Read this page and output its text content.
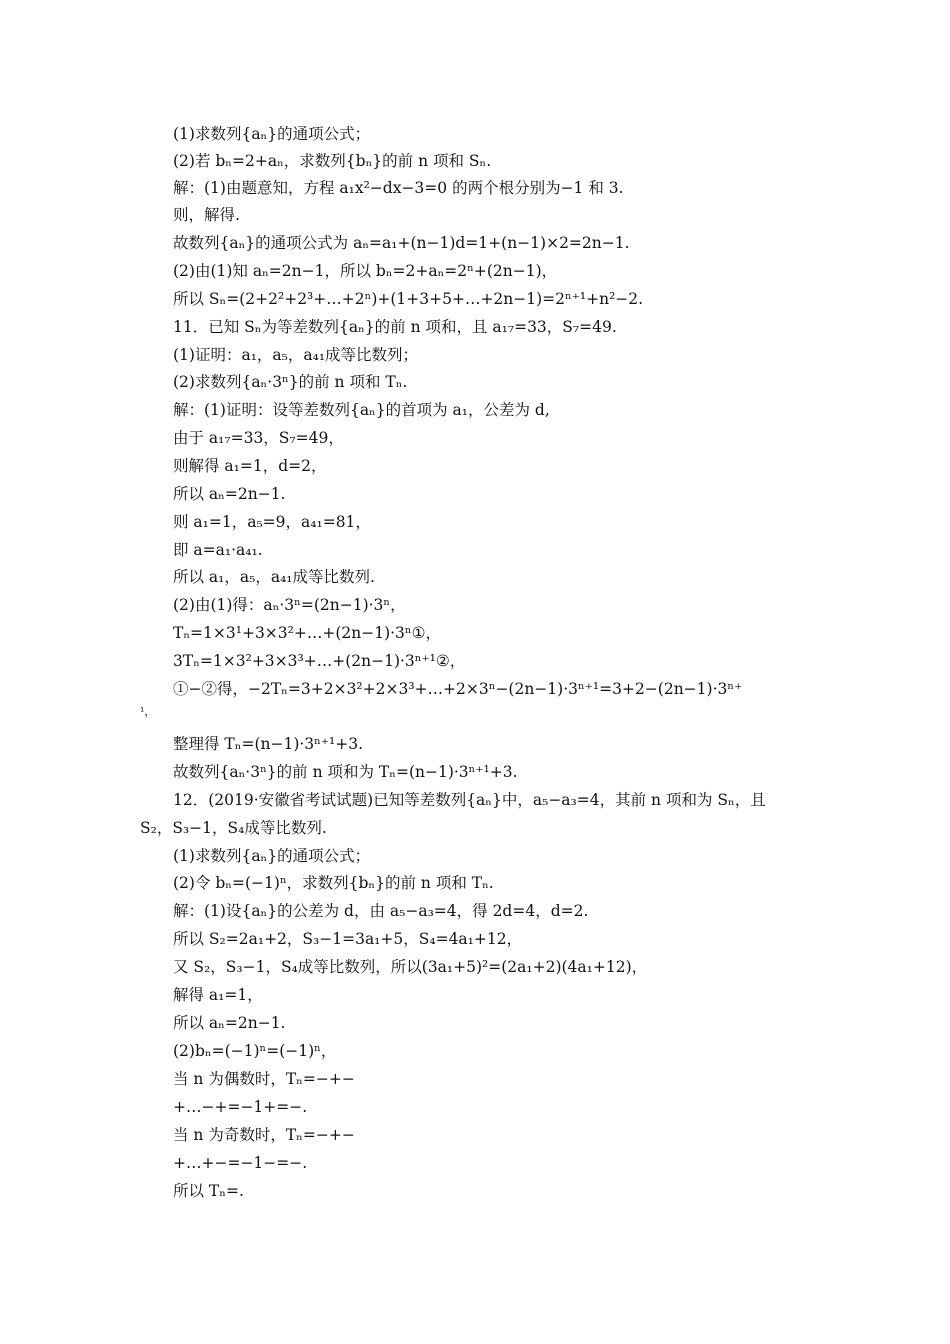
(1)求数列{aₙ}的通项公式；
(2)若 bₙ=2+aₙ，求数列{bₙ}的前 n 项和 Sₙ.
解：(1)由题意知，方程 a₁x²−dx−3=0 的两个根分别为−1 和 3.
则，解得.
故数列{aₙ}的通项公式为 aₙ=a₁+(n−1)d=1+(n−1)×2=2n−1.
(2)由(1)知 aₙ=2n−1，所以 bₙ=2+aₙ=2ⁿ+(2n−1)，
所以 Sₙ=(2+2²+2³+…+2ⁿ)+(1+3+5+…+2n−1)=2ⁿ⁺¹+n²−2.
11．已知 Sₙ为等差数列{aₙ}的前 n 项和，且 a₁₇=33，S₇=49.
(1)证明：a₁，a₅，a₄₁成等比数列；
(2)求数列{aₙ·3ⁿ}的前 n 项和 Tₙ.
解：(1)证明：设等差数列{aₙ}的首项为 a₁，公差为 d,
由于 a₁₇=33，S₇=49，
则解得 a₁=1，d=2，
所以 aₙ=2n−1.
则 a₁=1，a₅=9，a₄₁=81，
即 a=a₁·a₄₁.
所以 a₁，a₅，a₄₁成等比数列.
(2)由(1)得：aₙ·3ⁿ=(2n−1)·3ⁿ，
Tₙ=1×3¹+3×3²+…+(2n−1)·3ⁿ①，
3Tₙ=1×3²+3×3³+…+(2n−1)·3ⁿ⁺¹②，
①−②得，−2Tₙ=3+2×3²+2×3³+…+2×3ⁿ−(2n−1)·3ⁿ⁺¹=3+2−(2n−1)·3ⁿ⁺
¹，
整理得 Tₙ=(n−1)·3ⁿ⁺¹+3.
故数列{aₙ·3ⁿ}的前 n 项和为 Tₙ=(n−1)·3ⁿ⁺¹+3.
12．(2019·安徽省考试试题)已知等差数列{aₙ}中，a₅−a₃=4，其前 n 项和为 Sₙ，且
S₂，S₃−1，S₄成等比数列.
(1)求数列{aₙ}的通项公式；
(2)令 bₙ=(−1)ⁿ，求数列{bₙ}的前 n 项和 Tₙ.
解：(1)设{aₙ}的公差为 d，由 a₅−a₃=4，得 2d=4，d=2.
所以 S₂=2a₁+2，S₃−1=3a₁+5，S₄=4a₁+12，
又 S₂，S₃−1，S₄成等比数列，所以(3a₁+5)²=(2a₁+2)(4a₁+12)，
解得 a₁=1，
所以 aₙ=2n−1.
(2)bₙ=(−1)ⁿ=(−1)ⁿ，
当 n 为偶数时，Tₙ=−+−
+…−+=−1+=−.
当 n 为奇数时，Tₙ=−+−
+…+−=−1−=−.
所以 Tₙ=.
